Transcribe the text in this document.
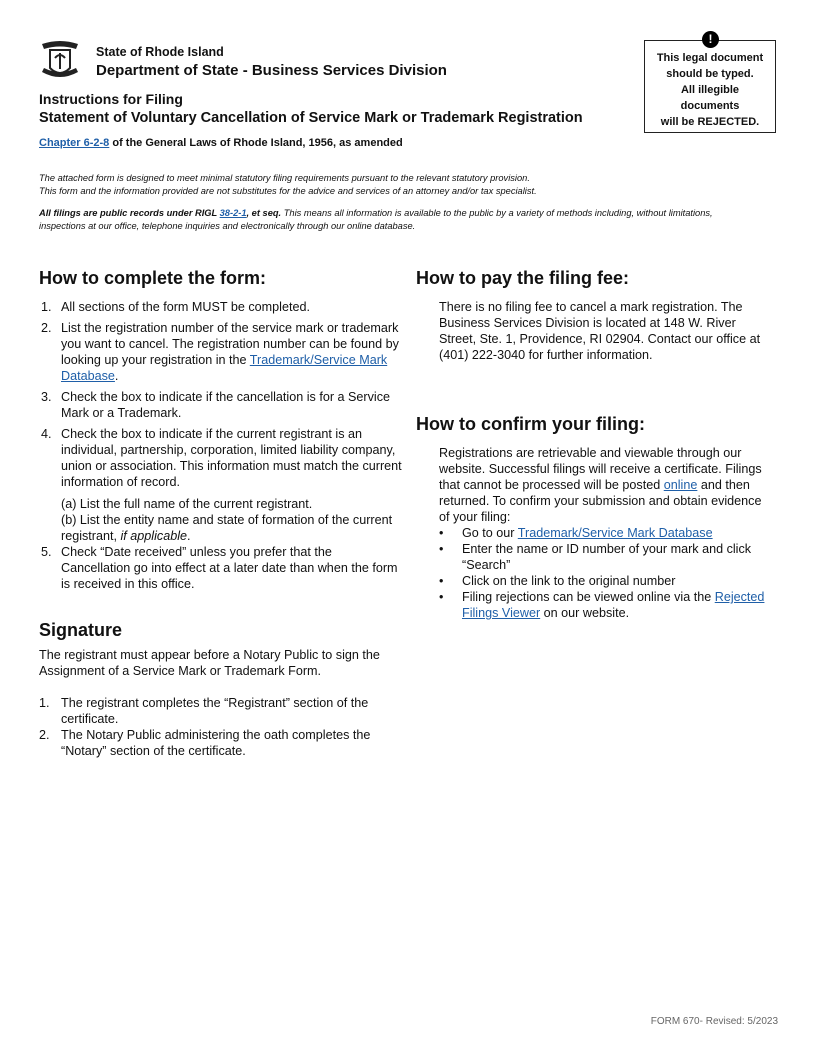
State of Rhode Island
Department of State - Business Services Division
Instructions for Filing
Statement of Voluntary Cancellation of Service Mark or Trademark Registration
Chapter 6-2-8 of the General Laws of Rhode Island, 1956, as amended
!
This legal document
should be typed.
All illegible
documents
will be REJECTED.
The attached form is designed to meet minimal statutory filing requirements pursuant to the relevant statutory provision.
This form and the information provided are not substitutes for the advice and services of an attorney and/or tax specialist.
All filings are public records under RIGL 38-2-1, et seq. This means all information is available to the public by a variety of methods including, without limitations, inspections at our office, telephone inquiries and electronically through our online database.
How to complete the form:
1. All sections of the form MUST be completed.
2. List the registration number of the service mark or trademark you want to cancel. The registration number can be found by looking up your registration in the Trademark/Service Mark Database.
3. Check the box to indicate if the cancellation is for a Service Mark or a Trademark.
4. Check the box to indicate if the current registrant is an individual, partnership, corporation, limited liability company, union or association. This information must match the current information of record.
(a) List the full name of the current registrant.
(b) List the entity name and state of formation of the current registrant, if applicable.
5. Check “Date received” unless you prefer that the Cancellation go into effect at a later date than when the form is received in this office.
Signature
The registrant must appear before a Notary Public to sign the Assignment of a Service Mark or Trademark Form.
1. The registrant completes the “Registrant” section of the certificate.
2. The Notary Public administering the oath completes the “Notary” section of the certificate.
How to pay the filing fee:
There is no filing fee to cancel a mark registration. The Business Services Division is located at 148 W. River Street, Ste. 1, Providence, RI 02904. Contact our office at (401) 222-3040 for further information.
How to confirm your filing:
Registrations are retrievable and viewable through our website. Successful filings will receive a certificate. Filings that cannot be processed will be posted online and then returned. To confirm your submission and obtain evidence of your filing:
• Go to our Trademark/Service Mark Database
• Enter the name or ID number of your mark and click “Search”
• Click on the link to the original number
• Filing rejections can be viewed online via the Rejected Filings Viewer on our website.
FORM 670- Revised: 5/2023
